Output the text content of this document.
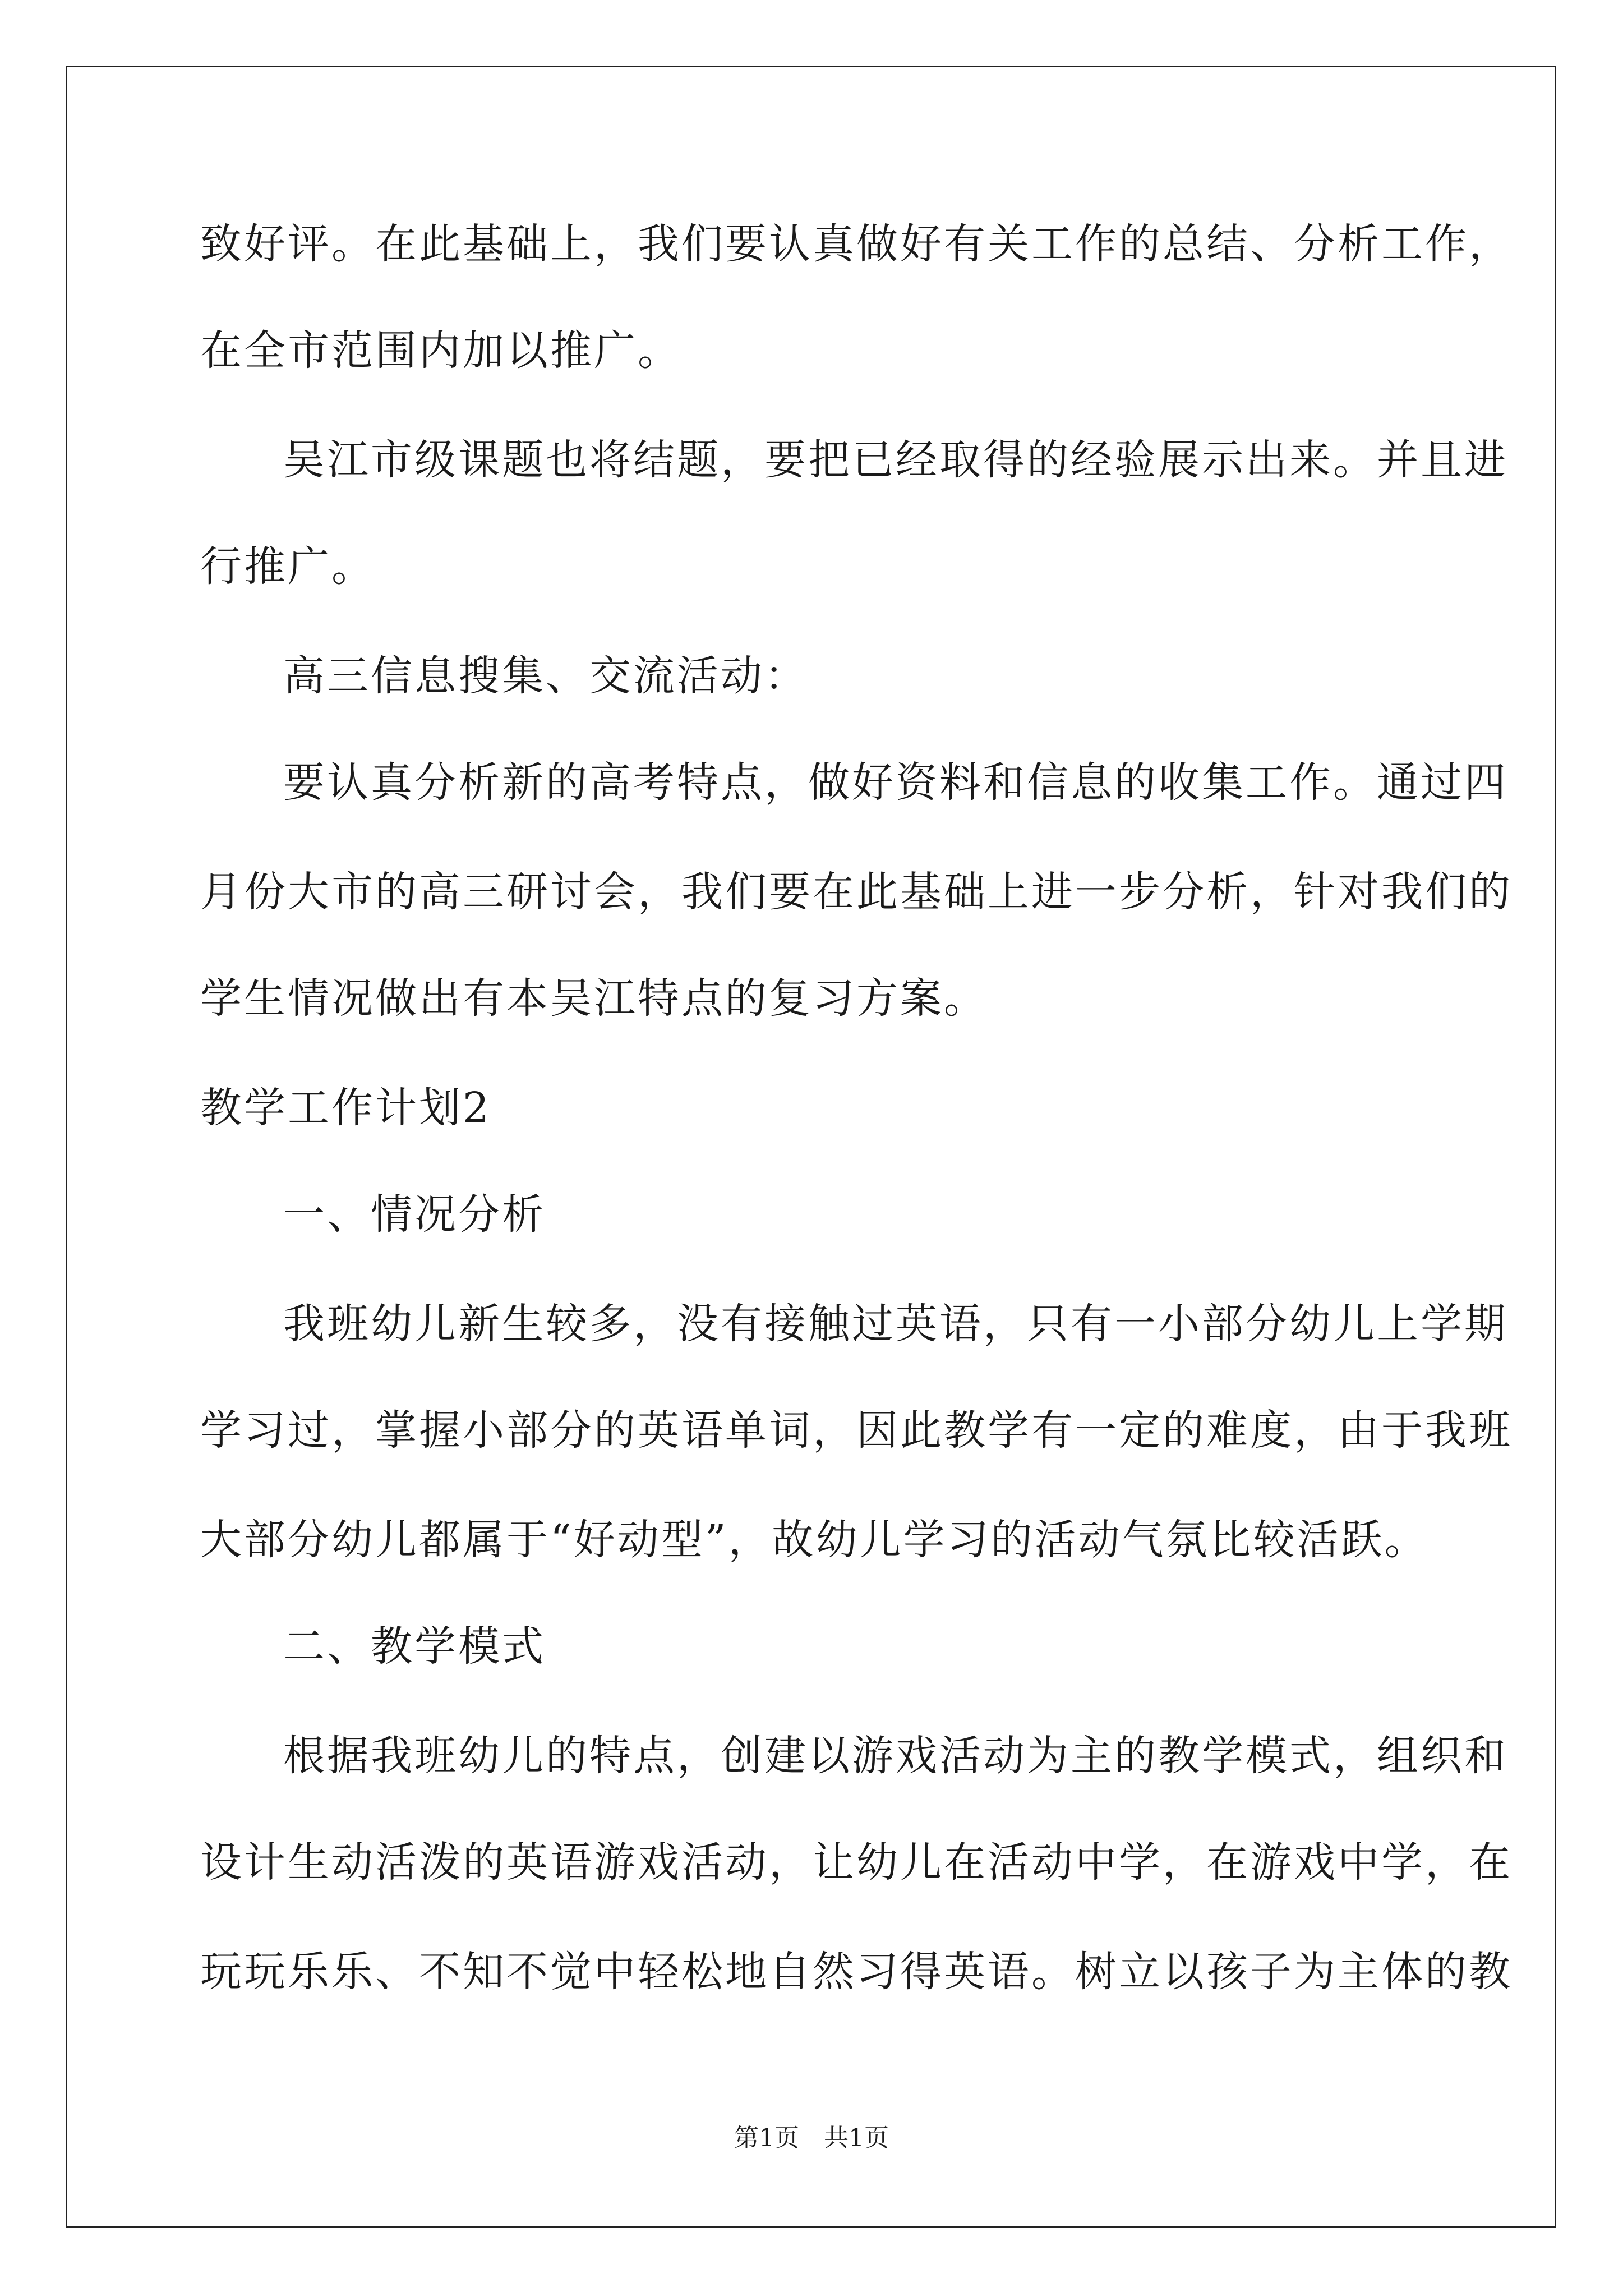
致好评。在此基础上，我们要认真做好有关工作的总结、分析工作，
在全市范围内加以推广。
吴江市级课题也将结题，要把已经取得的经验展示出来。并且进
行推广。
高三信息搜集、交流活动：
要认真分析新的高考特点，做好资料和信息的收集工作。通过四
月份大市的高三研讨会，我们要在此基础上进一步分析，针对我们的
学生情况做出有本吴江特点的复习方案。
教学工作计划2
一、情况分析
我班幼儿新生较多，没有接触过英语，只有一小部分幼儿上学期
学习过，掌握小部分的英语单词，因此教学有一定的难度，由于我班
大部分幼儿都属于“好动型”，故幼儿学习的活动气氛比较活跃。
二、教学模式
根据我班幼儿的特点，创建以游戏活动为主的教学模式，组织和
设计生动活泼的英语游戏活动，让幼儿在活动中学，在游戏中学，在
玩玩乐乐、不知不觉中轻松地自然习得英语。树立以孩子为主体的教
第1页　共1页
